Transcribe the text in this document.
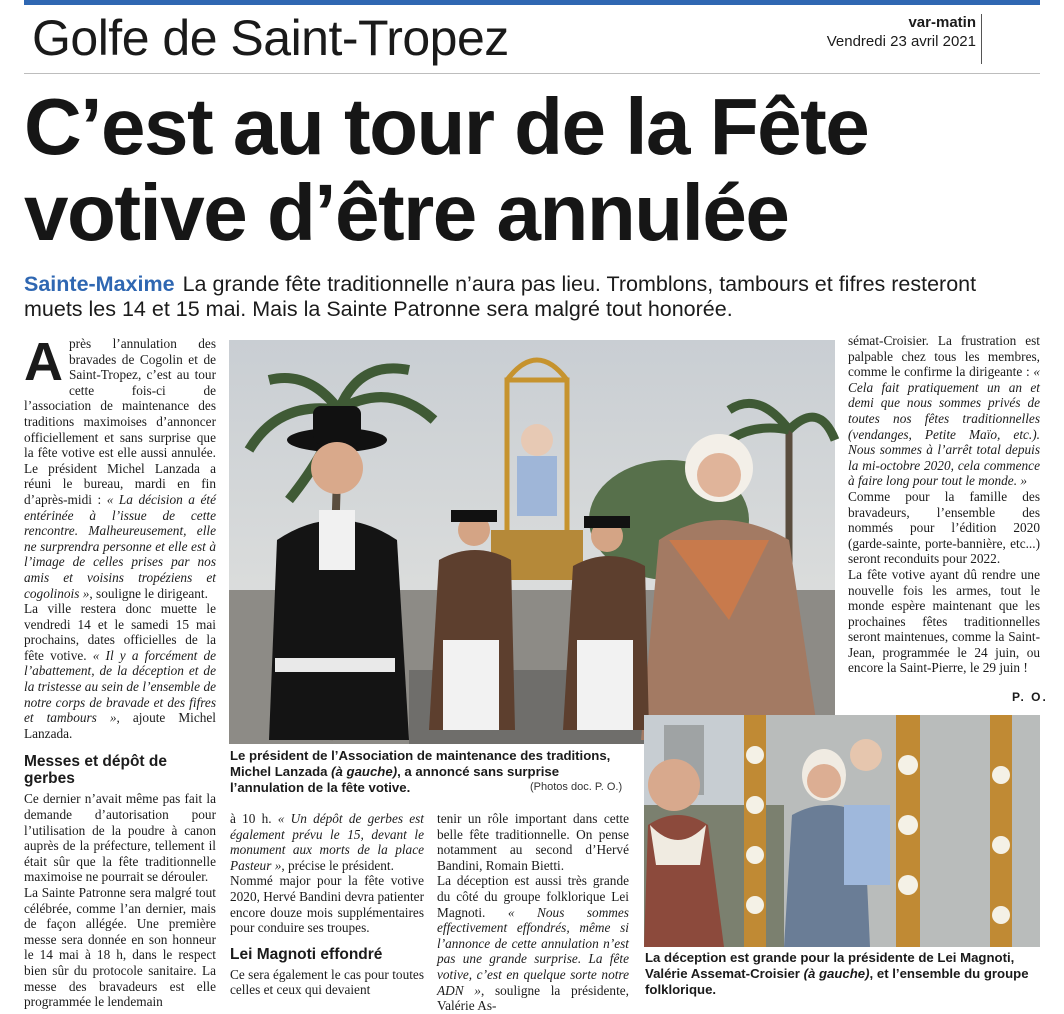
Golfe de Saint-Tropez	var-matin
Vendredi 23 avril 2021
C’est au tour de la Fête votive d’être annulée
Sainte-Maxime La grande fête traditionnelle n’aura pas lieu. Tromblons, tambours et fifres resteront muets les 14 et 15 mai. Mais la Sainte Patronne sera malgré tout honorée.

Après l’annulation des bravades de Cogolin et de Saint-Tropez, c’est au tour cette fois-ci de l’association de maintenance des traditions maximoises d’annoncer officiellement et sans surprise que la fête votive est elle aussi annulée. Le président Michel Lanzada a réuni le bureau, mardi en fin d’après-midi : « La décision a été entérinée à l’issue de cette rencontre. Malheureusement, elle ne surprendra personne et elle est à l’image de celles prises par nos amis et voisins tropéziens et cogolinois », souligne le dirigeant.

La ville restera donc muette le vendredi 14 et le samedi 15 mai prochains, dates officielles de la fête votive. « Il y a forcément de l’abattement, de la déception et de la tristesse au sein de l’ensemble de notre corps de bravade et des fifres et tambours », ajoute Michel Lanzada.

Messes et dépôt de gerbes

Ce dernier n’avait même pas fait la demande d’autorisation pour l’utilisation de la poudre à canon auprès de la préfecture, tellement il était sûr que la fête traditionnelle maximoise ne pourrait se dérouler.

La Sainte Patronne sera malgré tout célébrée, comme l’an dernier, mais de façon allégée. Une première messe sera donnée en son honneur le 14 mai à 18 h, dans le respect bien sûr du protocole sanitaire. La messe des bravadeurs est elle programmée le lendemain

à 10 h. « Un dépôt de gerbes est également prévu le 15, devant le monument aux morts de la place Pasteur », précise le président.

Nommé major pour la fête votive 2020, Hervé Bandini devra patienter encore douze mois supplémentaires pour conduire ses troupes.

Lei Magnoti effondré

Ce sera également le cas pour toutes celles et ceux qui devaient

tenir un rôle important dans cette belle fête traditionnelle. On pense notamment au second d’Hervé Bandini, Romain Bietti.

La déception est aussi très grande du côté du groupe folklorique Lei Magnoti. « Nous sommes effectivement effondrés, même si l’annonce de cette annulation n’est pas une grande surprise. La fête votive, c’est en quelque sorte notre ADN », souligne la présidente, Valérie As-

sémat-Croisier. La frustration est palpable chez tous les membres, comme le confirme la dirigeante : « Cela fait pratiquement un an et demi que nous sommes privés de toutes nos fêtes traditionnelles (vendanges, Petite Maïo, etc.). Nous sommes à l’arrêt total depuis la mi-octobre 2020, cela commence à faire long pour tout le monde. »

Comme pour la famille des bravadeurs, l’ensemble des nommés pour l’édition 2020 (garde-sainte, porte-bannière, etc...) seront reconduits pour 2022.

La fête votive ayant dû rendre une nouvelle fois les armes, tout le monde espère maintenant que les prochaines fêtes traditionnelles seront maintenues, comme la Saint-Jean, programmée le 24 juin, ou encore la Saint-Pierre, le 29 juin !

P. O.
Le président de l’Association de maintenance des traditions, Michel Lanzada (à gauche), a annoncé sans surprise l’annulation de la fête votive.	(Photos doc. P. O.)
La déception est grande pour la présidente de Lei Magnoti, Valérie Assemat-Croisier (à gauche), et l’ensemble du groupe folklorique.
